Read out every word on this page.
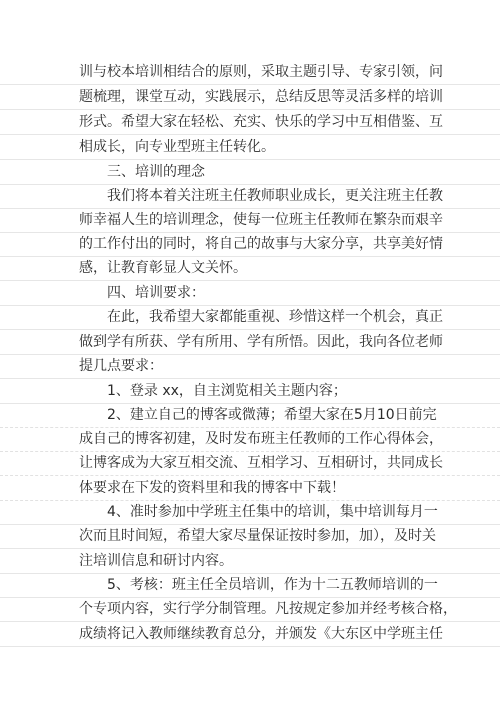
训与校本培训相结合的原则，采取主题引导、专家引领，问
题梳理，课堂互动，实践展示，总结反思等灵活多样的培训
形式。希望大家在轻松、充实、快乐的学习中互相借鉴、互
相成长，向专业型班主任转化。
三、培训的理念
我们将本着关注班主任教师职业成长，更关注班主任教
师幸福人生的培训理念，使每一位班主任教师在繁杂而艰辛
的工作付出的同时，将自己的故事与大家分享，共享美好情
感，让教育彰显人文关怀。
四、培训要求：
在此，我希望大家都能重视、珍惜这样一个机会，真正
做到学有所获、学有所用、学有所悟。因此，我向各位老师
提几点要求：
1、登录 xx，自主浏览相关主题内容；
2、建立自己的博客或微薄；希望大家在5月10日前完
成自己的博客初建，及时发布班主任教师的工作心得体会，
让博客成为大家互相交流、互相学习、互相研讨，共同成长
体要求在下发的资料里和我的博客中下载！
4、准时参加中学班主任集中的培训，集中培训每月一
次而且时间短，希望大家尽量保证按时参加，加），及时关
注培训信息和研讨内容。
5、考核：班主任全员培训，作为十二五教师培训的一
个专项内容，实行学分制管理。凡按规定参加并经考核合格，
成绩将记入教师继续教育总分，并颁发《大东区中学班主任
